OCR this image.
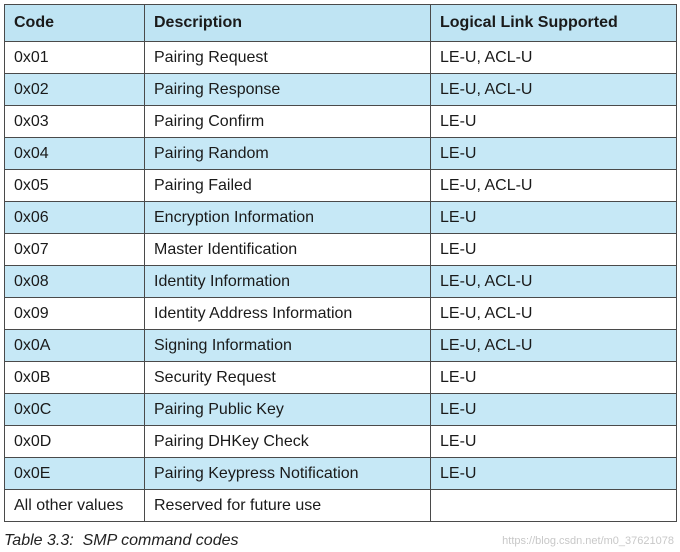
Code	Description	Logical Link Supported
0x01	Pairing Request	LE-U, ACL-U
0x02	Pairing Response	LE-U, ACL-U
0x03	Pairing Confirm	LE-U
0x04	Pairing Random	LE-U
0x05	Pairing Failed	LE-U, ACL-U
0x06	Encryption Information	LE-U
0x07	Master Identification	LE-U
0x08	Identity Information	LE-U, ACL-U
0x09	Identity Address Information	LE-U, ACL-U
0x0A	Signing Information	LE-U, ACL-U
0x0B	Security Request	LE-U
0x0C	Pairing Public Key	LE-U
0x0D	Pairing DHKey Check	LE-U
0x0E	Pairing Keypress Notification	LE-U
All other values	Reserved for future use	
Table 3.3:  SMP command codes	https://blog.csdn.net/m0_37621078
